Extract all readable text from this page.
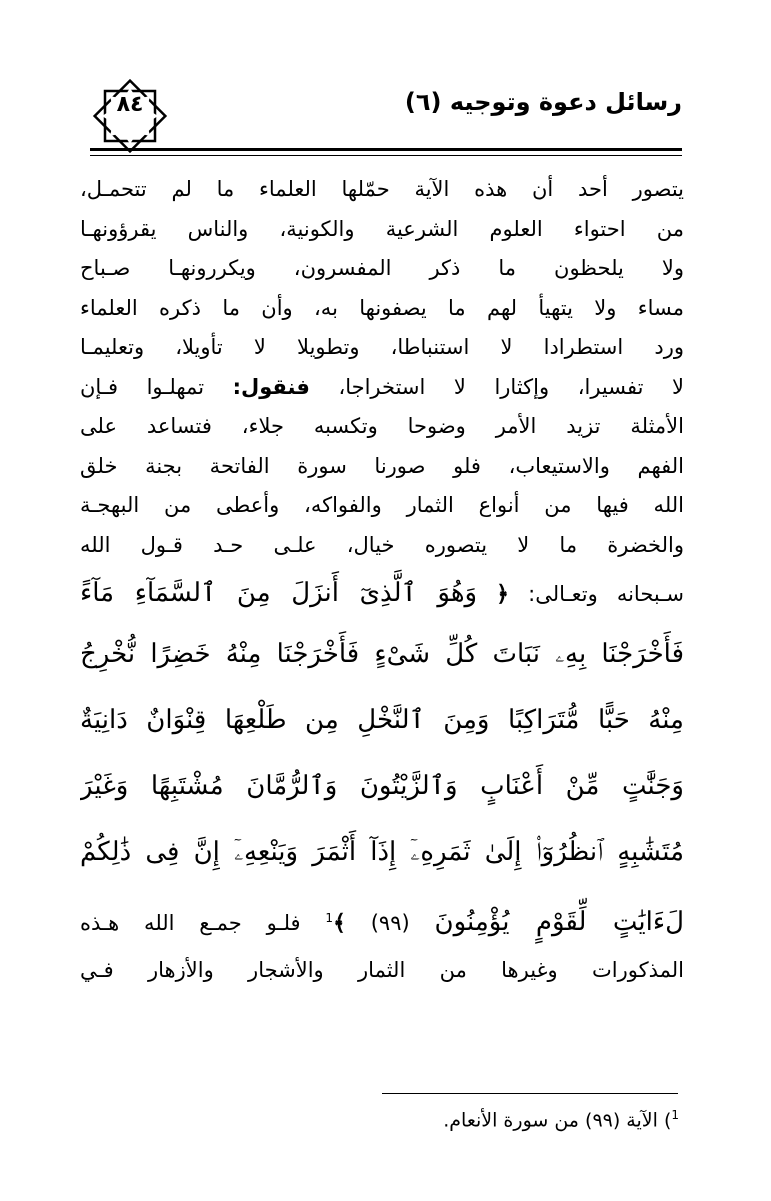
٨٤	رسائل دعوة وتوجيه (٦)
يتصور أحد أن هذه الآية حمّلها العلماء ما لم تتحمـل،
من احتواء العلوم الشرعية والكونية، والناس يقرؤونهـا
ولا يلحظون ما ذكر المفسرون، ويكررونهـا صـباح
مساء ولا يتهيأ لهم ما يصفونها به، وأن ما ذكره العلماء
ورد استطرادا لا استنباطا، وتطويلا لا تأويلا، وتعليمـا
لا تفسيرا، وإكثارا لا استخراجا، فنقول: تمهلـوا فـإن
الأمثلة تزيد الأمر وضوحا وتكسبه جلاء، فتساعد على
الفهم والاستيعاب، فلو صورنا سورة الفاتحة بجنة خلق
الله فيها من أنواع الثمار والفواكه، وأعطى من البهجـة
والخضرة ما لا يتصوره خيال، علـى حـد قـول الله
سـبحانه وتعـالى: ﴿ وَهُوَ ٱلَّذِىٓ أَنزَلَ مِنَ ٱلسَّمَآءِ مَآءً
فَأَخْرَجْنَا بِهِۦ نَبَاتَ كُلِّ شَىْءٍ فَأَخْرَجْنَا مِنْهُ خَضِرًا نُّخْرِجُ
مِنْهُ حَبًّا مُّتَرَاكِبًا وَمِنَ ٱلنَّخْلِ مِن طَلْعِهَا قِنْوَانٌ دَانِيَةٌ
وَجَنَّٰتٍ مِّنْ أَعْنَابٍ وَٱلزَّيْتُونَ وَٱلرُّمَّانَ مُشْتَبِهًا وَغَيْرَ
مُتَشَٰبِهٍ ٱنظُرُوٓا۟ إِلَىٰ ثَمَرِهِۦٓ إِذَآ أَثْمَرَ وَيَنْعِهِۦٓ إِنَّ فِى ذَٰلِكُمْ
لَءَايَٰتٍ لِّقَوْمٍ يُؤْمِنُونَ (٩٩) ﴾$^1$ فلـو جمـع الله هـذه
المذكورات وغيرها من الثمار والأشجار والأزهار فـي
$^1$) الآية (٩٩) من سورة الأنعام.
